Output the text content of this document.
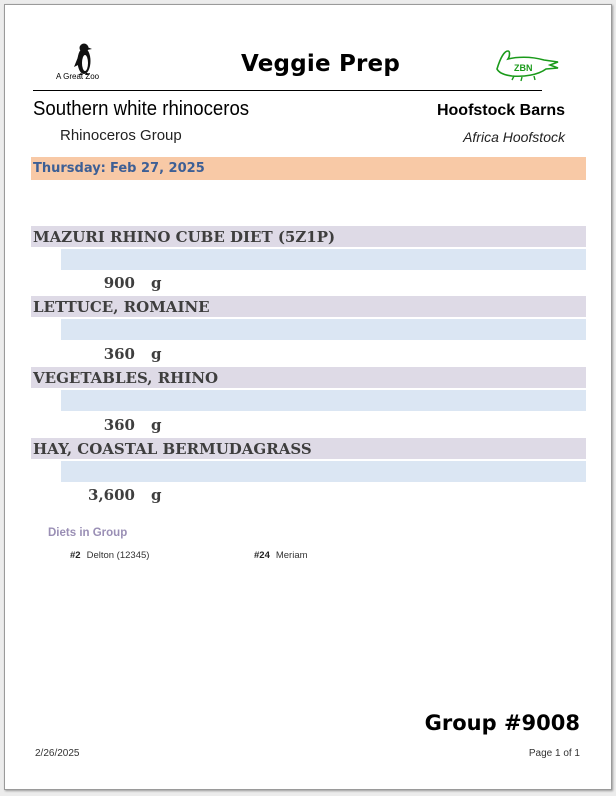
A Great Zoo	Veggie Prep	ZBN
Southern white rhinoceros
Rhinoceros Group
Hoofstock Barns
Africa Hoofstock
Thursday: Feb 27, 2025
MAZURI RHINO CUBE DIET (5Z1P)
900 g
LETTUCE, ROMAINE
360 g
VEGETABLES, RHINO
360 g
HAY, COASTAL BERMUDAGRASS
3,600 g
Diets in Group
#2 Delton (12345)	#24 Meriam
Group #9008
2/26/2025	Page 1 of 1
